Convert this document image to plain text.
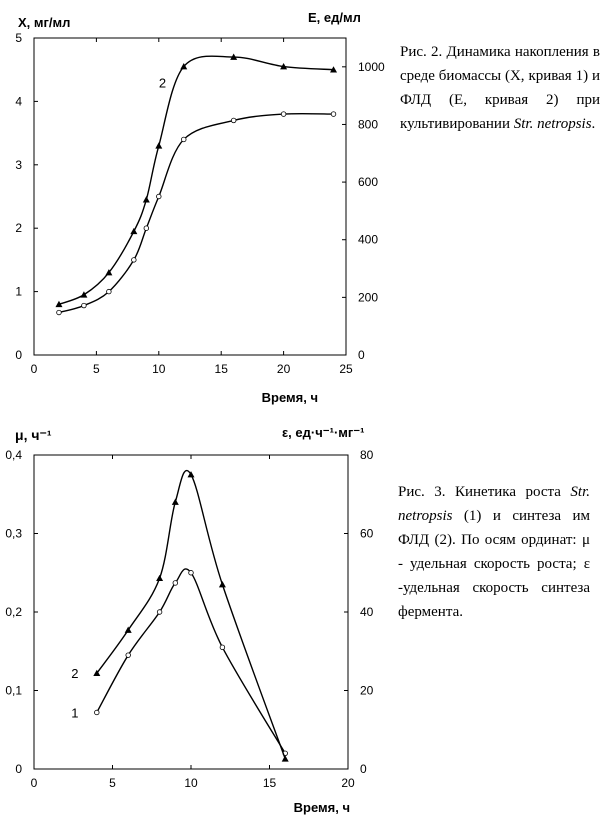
X, мг/мл	Е, ед/мл
Время, ч
0	5	10	15	20	25
0
1
2
3
4
5
0
200
400
600
800
1000
2
μ, ч⁻¹	ε, ед·ч⁻¹·мг⁻¹
Время, ч
0	5	10	15	20
0
0,1
0,2
0,3
0,4
0
20
40
60
80
2
1
Рис. 2. Динамика накопления в среде биомассы (X, кривая 1) и ФЛД (Е, кривая 2) при культивировании Str. netropsis.
Рис. 3. Кинетика роста Str. netropsis (1) и синтеза им ФЛД (2). По осям ординат: μ - удельная скорость роста; ε -удельная скорость синтеза фермента.
